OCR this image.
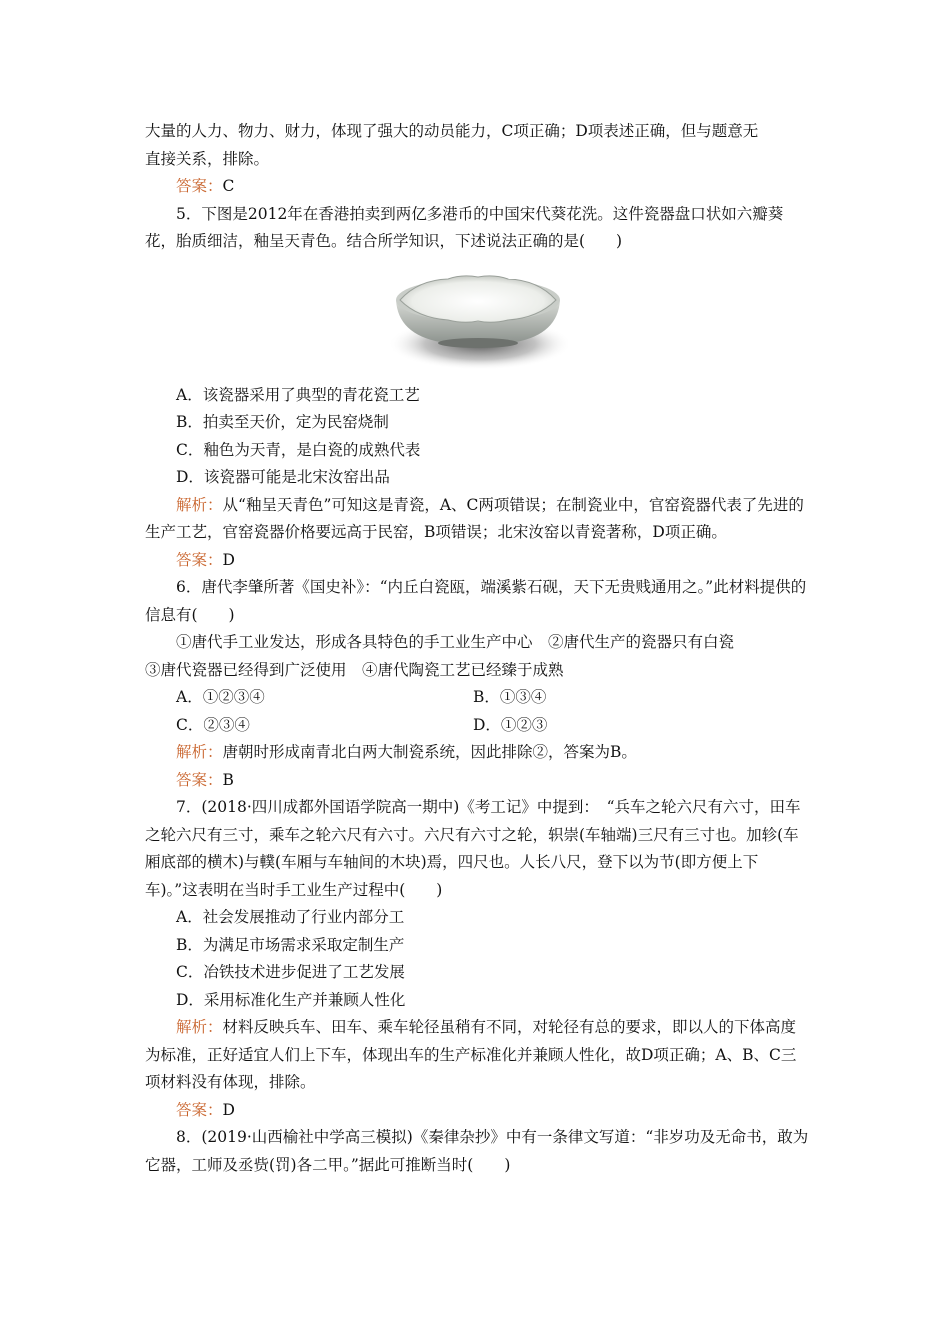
大量的人力、物力、财力，体现了强大的动员能力，C项正确；D项表述正确，但与题意无

直接关系，排除。

答案：C

5．下图是2012年在香港拍卖到两亿多港币的中国宋代葵花洗。这件瓷器盘口状如六瓣葵花，胎质细洁，釉呈天青色。结合所学知识，下述说法正确的是(　　)

A．该瓷器采用了典型的青花瓷工艺

B．拍卖至天价，定为民窑烧制

C．釉色为天青，是白瓷的成熟代表

D．该瓷器可能是北宋汝窑出品

解析：从“釉呈天青色”可知这是青瓷，A、C两项错误；在制瓷业中，官窑瓷器代表了先进的生产工艺，官窑瓷器价格要远高于民窑，B项错误；北宋汝窑以青瓷著称，D项正确。

答案：D

6．唐代李肇所著《国史补》：“内丘白瓷瓯，端溪紫石砚，天下无贵贱通用之。”此材料提供的信息有(　　)

①唐代手工业发达，形成各具特色的手工业生产中心　②唐代生产的瓷器只有白瓷

③唐代瓷器已经得到广泛使用　④唐代陶瓷工艺已经臻于成熟

A．①②③④	B．①③④
C．②③④	D．①②③

解析：唐朝时形成南青北白两大制瓷系统，因此排除②，答案为B。

答案：B

7．(2018·四川成都外国语学院高一期中)《考工记》中提到：　“兵车之轮六尺有六寸，田车之轮六尺有三寸，乘车之轮六尺有六寸。六尺有六寸之轮，轵崇(车轴端)三尺有三寸也。加轸(车厢底部的横木)与轐(车厢与车轴间的木块)焉，四尺也。人长八尺，登下以为节(即方便上下车)。”这表明在当时手工业生产过程中(　　)

A．社会发展推动了行业内部分工

B．为满足市场需求采取定制生产

C．冶铁技术进步促进了工艺发展

D．采用标准化生产并兼顾人性化

解析：材料反映兵车、田车、乘车轮径虽稍有不同，对轮径有总的要求，即以人的下体高度为标准，正好适宜人们上下车，体现出车的生产标准化并兼顾人性化，故D项正确；A、B、C三项材料没有体现，排除。

答案：D

8．(2019·山西榆社中学高三模拟)《秦律杂抄》中有一条律文写道：“非岁功及无命书，敢为它器，工师及丞赀(罚)各二甲。”据此可推断当时(　　)
